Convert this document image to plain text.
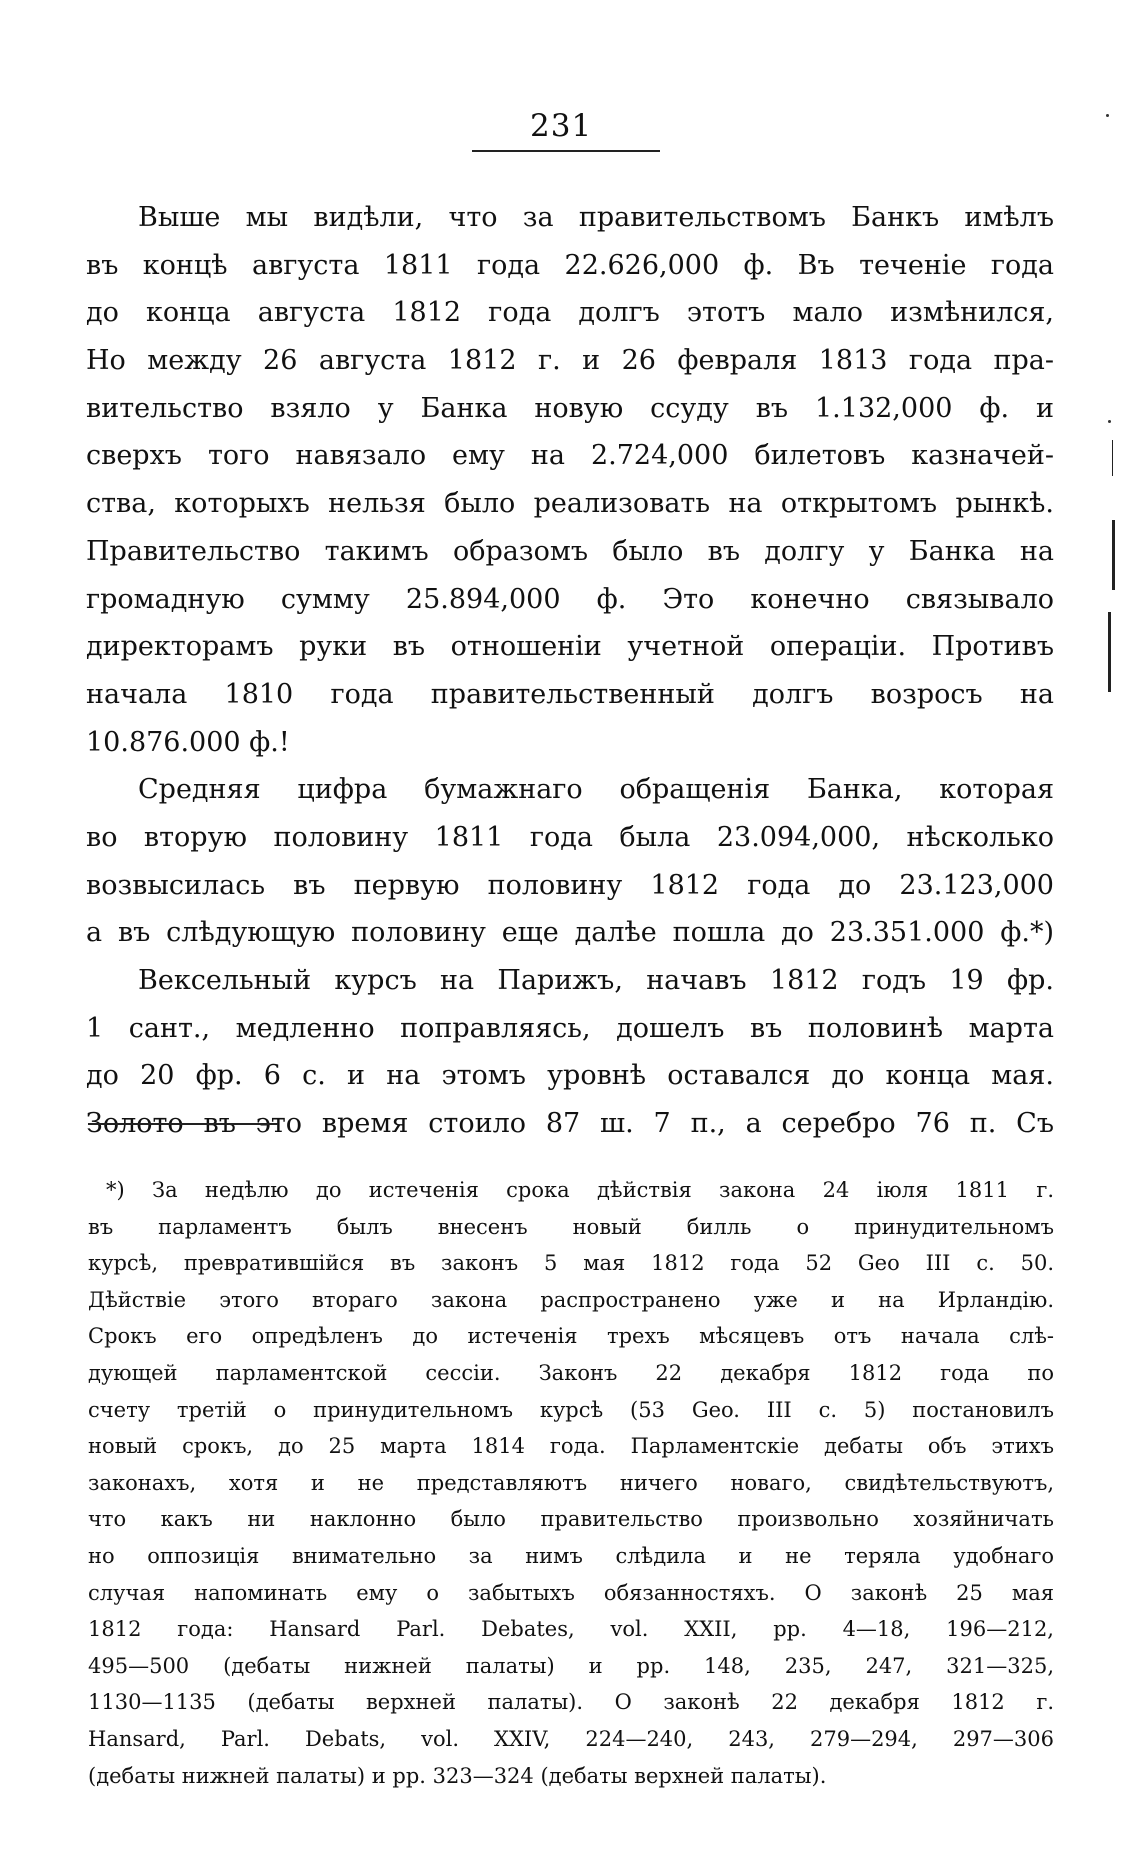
231
Выше мы видѣли, что за правительствомъ Банкъ имѣлъ
въ концѣ августа 1811 года 22.626,000 ф. Въ теченіе года
до конца августа 1812 года долгъ этотъ мало измѣнился,
Но между 26 августа 1812 г. и 26 февраля 1813 года пра-
вительство взяло у Банка новую ссуду въ 1.132,000 ф. и
сверхъ того навязало ему на 2.724,000 билетовъ казначей-
ства, которыхъ нельзя было реализовать на открытомъ рынкѣ.
Правительство такимъ образомъ было въ долгу у Банка на
громадную сумму 25.894,000 ф. Это конечно связывало
директорамъ руки въ отношеніи учетной операціи. Противъ
начала 1810 года правительственный долгъ возросъ на
10.876.000 ф.!
Средняя цифра бумажнаго обращенія Банка, которая
во вторую половину 1811 года была 23.094,000, нѣсколько
возвысилась въ первую половину 1812 года до 23.123,000
а въ слѣдующую половину еще далѣе пошла до 23.351.000 ф.*)
Вексельный курсъ на Парижъ, начавъ 1812 годъ 19 фр.
1 сант., медленно поправляясь, дошелъ въ половинѣ марта
до 20 фр. 6 с. и на этомъ уровнѣ оставался до конца мая.
Золото въ это время стоило 87 ш. 7 п., а серебро 76 п. Съ
*) За недѣлю до истеченія срока дѣйствія закона 24 іюля 1811 г.
въ парламентъ былъ внесенъ новый билль о принудительномъ
курсѣ, превратившійся въ законъ 5 мая 1812 года 52 Geo III c. 50.
Дѣйствіе этого втораго закона распространено уже и на Ирландію.
Срокъ его опредѣленъ до истеченія трехъ мѣсяцевъ отъ начала слѣ-
дующей парламентской сессіи. Законъ 22 декабря 1812 года по
счету третій о принудительномъ курсѣ (53 Geo. III c. 5) постановилъ
новый срокъ, до 25 марта 1814 года. Парламентскіе дебаты объ этихъ
законахъ, хотя и не представляютъ ничего новаго, свидѣтельствуютъ,
что какъ ни наклонно было правительство произвольно хозяйничать
но оппозиція внимательно за нимъ слѣдила и не теряла удобнаго
случая напоминать ему о забытыхъ обязанностяхъ. О законѣ 25 мая
1812 года: Hansard Parl. Debates, vol. XXII, pp. 4—18, 196—212,
495—500 (дебаты нижней палаты) и pp. 148, 235, 247, 321—325,
1130—1135 (дебаты верхней палаты). О законѣ 22 декабря 1812 г.
Hansard, Parl. Debats, vol. XXIV, 224—240, 243, 279—294, 297—306
(дебаты нижней палаты) и pp. 323—324 (дебаты верхней палаты).
